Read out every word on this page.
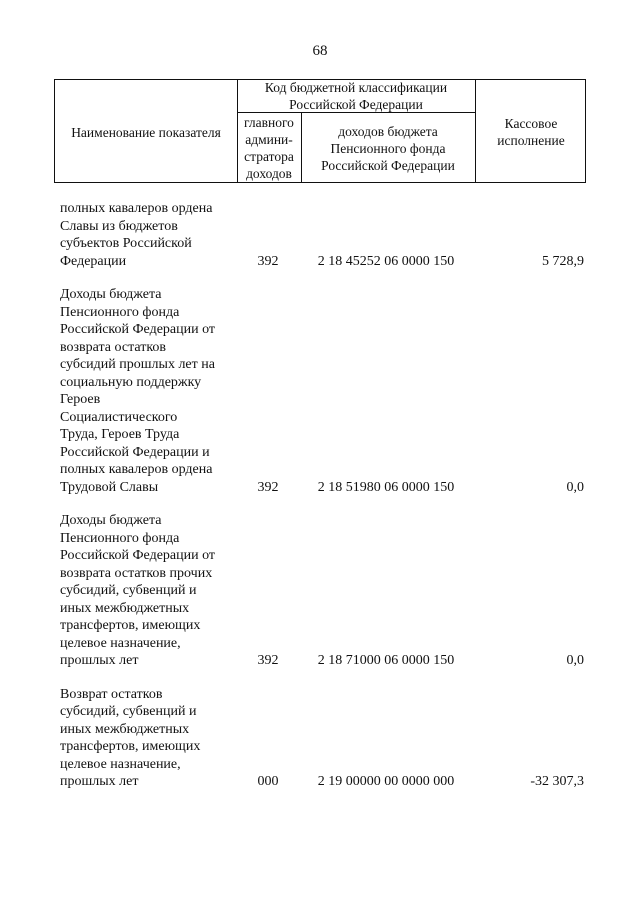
68
Наименование показателя
Код бюджетной классификации Российской Федерации
главного админи-стратора доходов
доходов бюджета Пенсионного фонда Российской Федерации
Кассовое исполнение
полных кавалеров ордена
Славы из бюджетов
субъектов Российской
Федерации	392	2 18 45252 06 0000 150	5 728,9
Доходы бюджета
Пенсионного фонда
Российской Федерации от
возврата остатков
субсидий прошлых лет на
социальную поддержку
Героев
Социалистического
Труда, Героев Труда
Российской Федерации и
полных кавалеров ордена
Трудовой Славы	392	2 18 51980 06 0000 150	0,0
Доходы бюджета
Пенсионного фонда
Российской Федерации от
возврата остатков прочих
субсидий, субвенций и
иных межбюджетных
трансфертов, имеющих
целевое назначение,
прошлых лет	392	2 18 71000 06 0000 150	0,0
Возврат остатков
субсидий, субвенций и
иных межбюджетных
трансфертов, имеющих
целевое назначение,
прошлых лет	000	2 19 00000 00 0000 000	-32 307,3
